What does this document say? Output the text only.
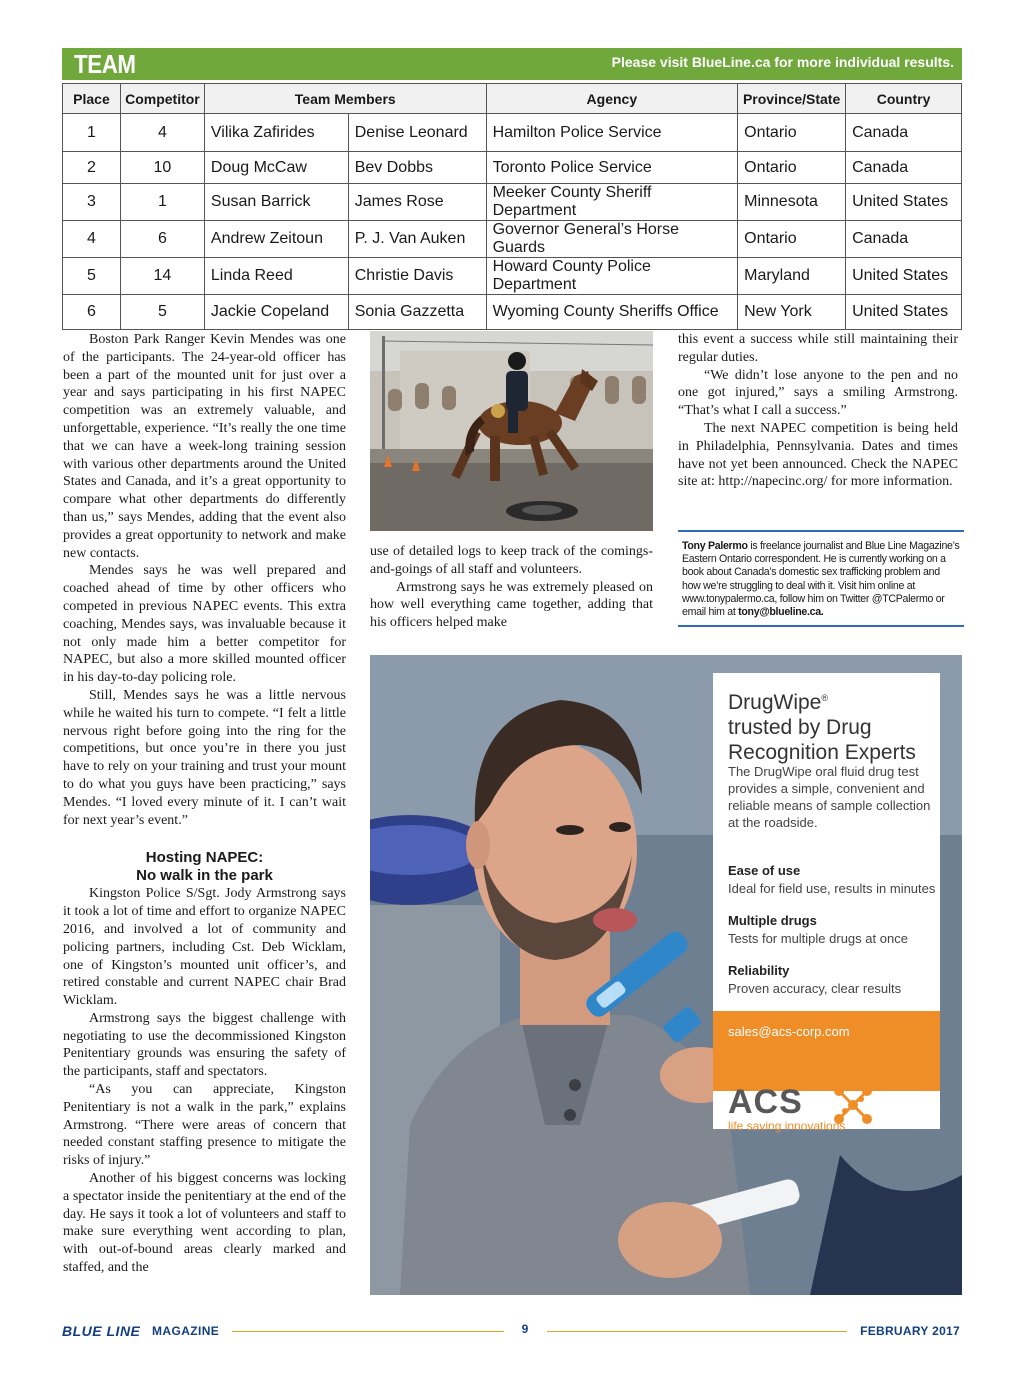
TEAM	Please visit BlueLine.ca for more individual results.
Place	Competitor	Team Members		Agency	Province/State	Country
1	4	Vilika Zafirides	Denise Leonard	Hamilton Police Service	Ontario	Canada
2	10	Doug McCaw	Bev Dobbs	Toronto Police Service	Ontario	Canada
3	1	Susan Barrick	James Rose	Meeker County Sheriff Department	Minnesota	United States
4	6	Andrew Zeitoun	P. J. Van Auken	Governor General’s Horse Guards	Ontario	Canada
5	14	Linda Reed	Christie Davis	Howard County Police Department	Maryland	United States
6	5	Jackie Copeland	Sonia Gazzetta	Wyoming County Sheriffs Office	New York	United States

Boston Park Ranger Kevin Mendes was one of the participants. The 24-year-old officer has been a part of the mounted unit for just over a year and says participating in his first NAPEC competition was an extremely valuable, and unforgettable, experience. “It’s really the one time that we can have a week-long training session with various other departments around the United States and Canada, and it’s a great opportunity to compare what other departments do differently than us,” says Mendes, adding that the event also provides a great opportunity to network and make new contacts.

Mendes says he was well prepared and coached ahead of time by other officers who competed in previous NAPEC events. This extra coaching, Mendes says, was invaluable because it not only made him a better competitor for NAPEC, but also a more skilled mounted officer in his day-to-day policing role.

Still, Mendes says he was a little nervous while he waited his turn to compete. “I felt a little nervous right before going into the ring for the competitions, but once you’re in there you just have to rely on your training and trust your mount to do what you guys have been practicing,” says Mendes. “I loved every minute of it. I can’t wait for next year’s event.”

Hosting NAPEC:
No walk in the park

Kingston Police S/Sgt. Jody Armstrong says it took a lot of time and effort to organize NAPEC 2016, and involved a lot of community and policing partners, including Cst. Deb Wicklam, one of Kingston’s mounted unit officer’s, and retired constable and current NAPEC chair Brad Wicklam.

Armstrong says the biggest challenge with negotiating to use the decommissioned Kingston Penitentiary grounds was ensuring the safety of the participants, staff and spectators.

“As you can appreciate, Kingston Penitentiary is not a walk in the park,” explains Armstrong. “There were areas of concern that needed constant staffing presence to mitigate the risks of injury.”

Another of his biggest concerns was locking a spectator inside the penitentiary at the end of the day. He says it took a lot of volunteers and staff to make sure everything went according to plan, with out-of-bound areas clearly marked and staffed, and the

use of detailed logs to keep track of the comings-and-goings of all staff and volunteers.

Armstrong says he was extremely pleased on how well everything came together, adding that his officers helped make

this event a success while still maintaining their regular duties.

“We didn’t lose anyone to the pen and no one got injured,” says a smiling Armstrong. “That’s what I call a success.”

The next NAPEC competition is being held in Philadelphia, Pennsylvania. Dates and times have not yet been announced. Check the NAPEC site at: http://napecinc.org/ for more information.

Tony Palermo is freelance journalist and Blue Line Magazine’s Eastern Ontario correspondent. He is currently working on a book about Canada’s domestic sex trafficking problem and how we’re struggling to deal with it. Visit him online at www.tonypalermo.ca, follow him on Twitter @TCPalermo or email him at tony@blueline.ca.
DrugWipe®
trusted by Drug
Recognition Experts
The DrugWipe oral fluid drug test provides a simple, convenient and reliable means of sample collection at the roadside.
Ease of use
Ideal for field use, results in minutes
Multiple drugs
Tests for multiple drugs at once
Reliability
Proven accuracy, clear results
sales@acs-corp.com
ACS
life saving innovations
BLUE LINE MAGAZINE	9	FEBRUARY 2017
